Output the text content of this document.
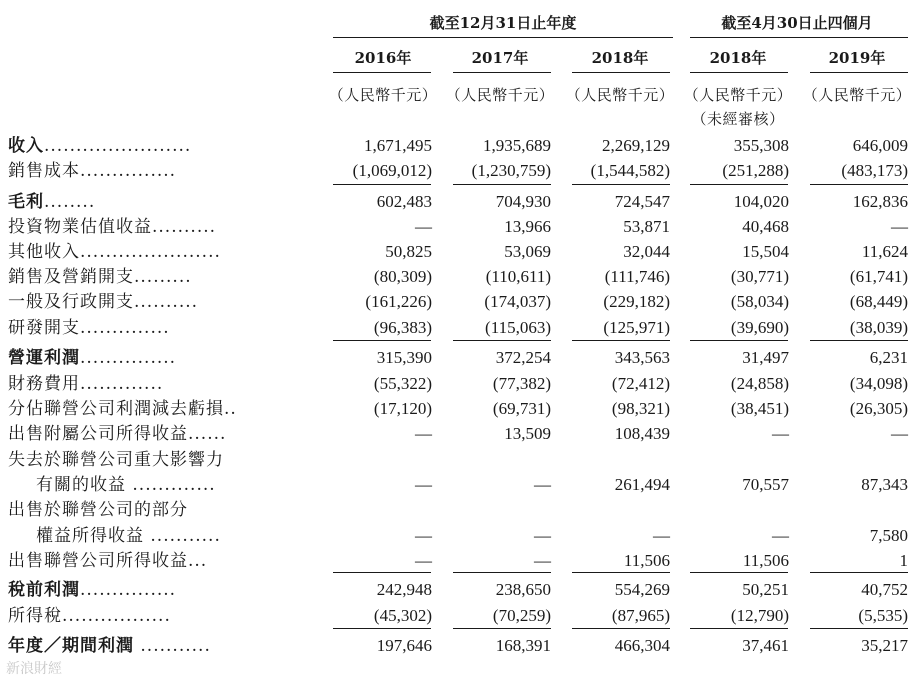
截至12月31日止年度	截至4月30日止四個月
2016年	2017年	2018年	2018年	2019年
（人民幣千元） （人民幣千元） （人民幣千元） （人民幣千元） （人民幣千元）
（未經審核）
收入.......................	1,671,495	1,935,689	2,269,129	355,308	646,009
銷售成本...............	(1,069,012) (1,230,759) (1,544,582)	(251,288)	(483,173)
毛利........	602,483	704,930	724,547	104,020	162,836
投資物業估值收益..........	—	13,966	53,871	40,468	—
其他收入......................	50,825	53,069	32,044	15,504	11,624
銷售及營銷開支.........	(80,309)	(110,611)	(111,746)	(30,771)	(61,741)
一般及行政開支..........	(161,226)	(174,037)	(229,182)	(58,034)	(68,449)
研發開支..............	(96,383)	(115,063)	(125,971)	(39,690)	(38,039)
營運利潤...............	315,390	372,254	343,563	31,497	6,231
財務費用.............	(55,322)	(77,382)	(72,412)	(24,858)	(34,098)
分佔聯營公司利潤減去虧損..	(17,120)	(69,731)	(98,321)	(38,451)	(26,305)
出售附屬公司所得收益......	—	13,509	108,439	—	—
失去於聯營公司重大影響力
有關的收益 .............	—	—	261,494	70,557	87,343
出售於聯營公司的部分
權益所得收益 ...........	—	—	—	—	7,580
出售聯營公司所得收益...	—	—	11,506	11,506	1
稅前利潤...............	242,948	238,650	554,269	50,251	40,752
所得稅.................	(45,302)	(70,259)	(87,965)	(12,790)	(5,535)
年度／期間利潤 ...........	197,646	168,391	466,304	37,461	35,217
新浪財經
